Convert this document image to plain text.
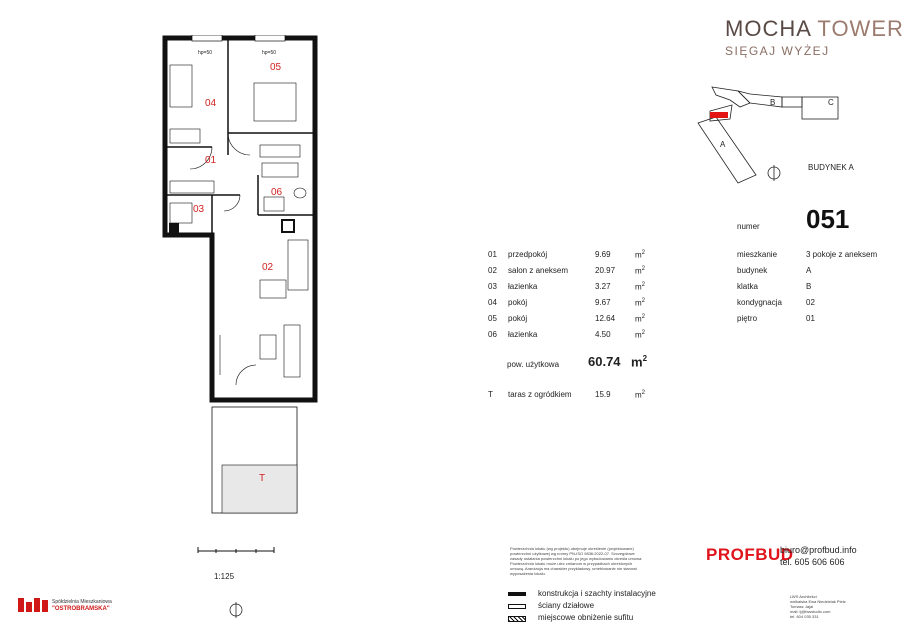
MOCHA TOWER
SIĘGAJ WYŻEJ
B	C
A
BUDYNEK A
numer 051
01 przedpokój	9.69	$m^2$
02 salon z aneksem	20.97 $m^2$
03 łazienka	3.27	$m^2$
04 pokój	9.67	$m^2$
05 pokój	12.64 $m^2$
06 łazienka	4.50	$m^2$
pow. użytkowa 60.74 $m^2$
T taras z ogródkiem	15.9	$m^2$
mieszkanie	3 pokoje z aneksem
budynek	A
klatka	B
kondygnacja	02
piętro	01
04
05
01
06
03
02
T
hp=50	hp=50
1:125
Spółdzielnia Mieszkaniowa
"OSTROBRAMSKA"
Powierzchnia lokalu (wg projektu) obejmuje określenie (projektowane)
powierzchni użytkowej wg normy PN-ISO 9836:2022-07. Szczegółowe
zasady ustalania powierzchni lokalu po jego wybudowaniu określa umowa.
Powierzchnia lokalu może ulec zmianom w przypadkach określonych
umową. Aranżacja ma charakter przykładowy, umeblowanie nie stanowi
wyposażenia lokalu.
konstrukcja i szachty instalacyjne
ściany działowe
miejscowe obniżenie sufitu
PROFBUD
biuro@profbud.info
tel. 605 606 606
LWS Architekci
wnikalska Ewa Niedzielak Pietz
Tomasz Jajal
mail: lj@lwsstudio.com
tel. 604 035 331
